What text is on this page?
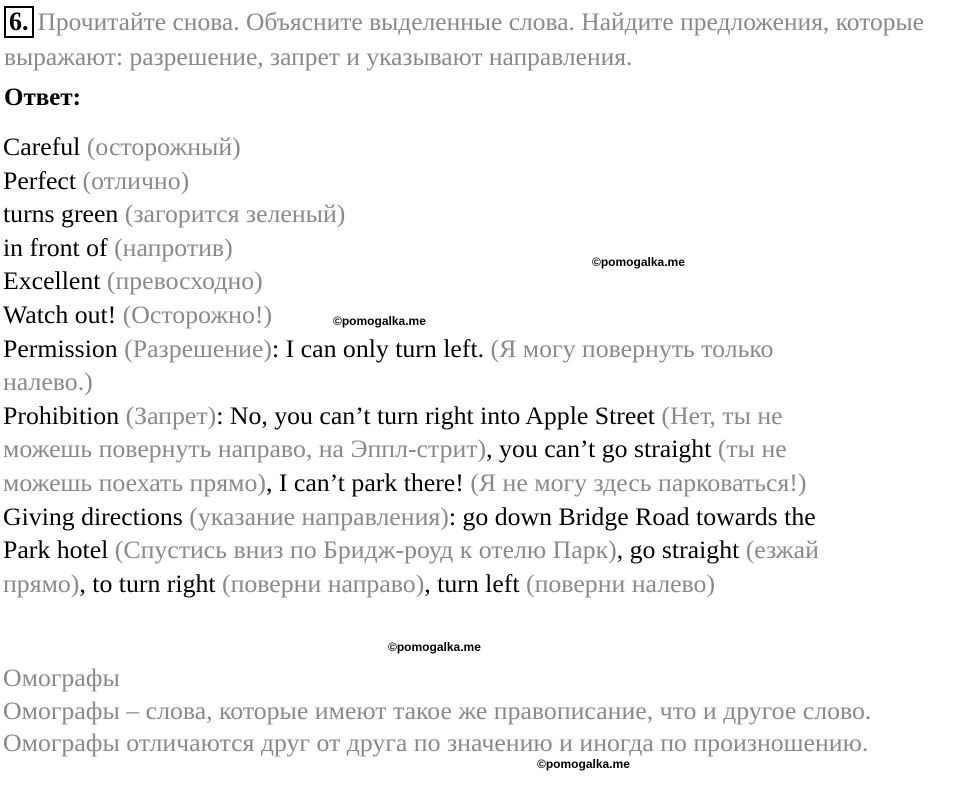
6. Прочитайте снова. Объясните выделенные слова. Найдите предложения, которые выражают: разрешение, запрет и указывают направления.
Ответ:
Careful (осторожный)
Perfect (отлично)
turns green (загорится зеленый)
in front of (напротив)
Excellent (превосходно)
Watch out! (Осторожно!)
Permission (Разрешение): I can only turn left. (Я могу повернуть только
налево.)
Prohibition (Запрет): No, you can’t turn right into Apple Street (Нет, ты не
можешь повернуть направо, на Эппл-стрит), you can’t go straight (ты не
можешь поехать прямо), I can’t park there! (Я не могу здесь парковаться!)
Giving directions (указание направления): go down Bridge Road towards the
Park hotel (Спустись вниз по Бридж-роуд к отелю Парк), go straight (езжай
прямо), to turn right (поверни направо), turn left (поверни налево)
©pomogalka.me
©pomogalka.me
©pomogalka.me
©pomogalka.me
Омографы
Омографы – слова, которые имеют такое же правописание, что и другое слово. Омографы отличаются друг от друга по значению и иногда по произношению.
